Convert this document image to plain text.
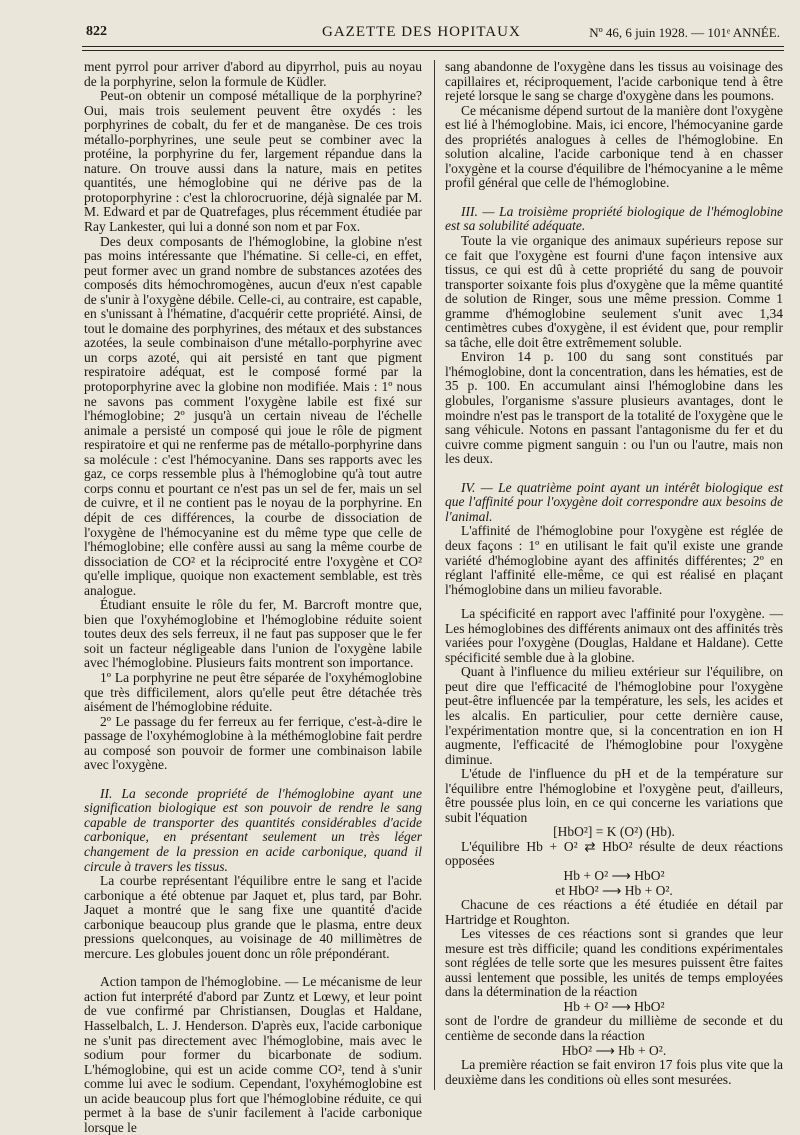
822	GAZETTE DES HOPITAUX	Nº 46, 6 juin 1928. — 101ᵉ ANNÉE.

ment pyrrol pour arriver d'abord au dipyrrhol, puis au noyau de la porphyrine, selon la formule de Küdler.

Peut-on obtenir un composé métallique de la porphyrine? Oui, mais trois seulement peuvent être oxydés : les porphyrines de cobalt, du fer et de manganèse. De ces trois métallo-porphyrines, une seule peut se combiner avec la protéine, la porphyrine du fer, largement répandue dans la nature. On trouve aussi dans la nature, mais en petites quantités, une hémoglobine qui ne dérive pas de la protoporphyrine : c'est la chlorocruorine, déjà signalée par M. M. Edward et par de Quatrefages, plus récemment étudiée par Ray Lankester, qui lui a donné son nom et par Fox.

Des deux composants de l'hémoglobine, la globine n'est pas moins intéressante que l'hématine. Si celle-ci, en effet, peut former avec un grand nombre de substances azotées des composés dits hémochromogènes, aucun d'eux n'est capable de s'unir à l'oxygène débile. Celle-ci, au contraire, est capable, en s'unissant à l'hématine, d'acquérir cette propriété. Ainsi, de tout le domaine des porphyrines, des métaux et des substances azotées, la seule combinaison d'une métallo-porphyrine avec un corps azoté, qui ait persisté en tant que pigment respiratoire adéquat, est le composé formé par la protoporphyrine avec la globine non modifiée. Mais : 1º nous ne savons pas comment l'oxygène labile est fixé sur l'hémoglobine; 2º jusqu'à un certain niveau de l'échelle animale a persisté un composé qui joue le rôle de pigment respiratoire et qui ne renferme pas de métallo-porphyrine dans sa molécule : c'est l'hémocyanine. Dans ses rapports avec les gaz, ce corps ressemble plus à l'hémoglobine qu'à tout autre corps connu et pourtant ce n'est pas un sel de fer, mais un sel de cuivre, et il ne contient pas le noyau de la porphyrine. En dépit de ces différences, la courbe de dissociation de l'oxygène de l'hémocyanine est du même type que celle de l'hémoglobine; elle confère aussi au sang la même courbe de dissociation de CO² et la réciprocité entre l'oxygène et CO² qu'elle implique, quoique non exactement semblable, est très analogue.

Étudiant ensuite le rôle du fer, M. Barcroft montre que, bien que l'oxyhémoglobine et l'hémoglobine réduite soient toutes deux des sels ferreux, il ne faut pas supposer que le fer soit un facteur négligeable dans l'union de l'oxygène labile avec l'hémoglobine. Plusieurs faits montrent son importance.

1º La porphyrine ne peut être séparée de l'oxyhémoglobine que très difficilement, alors qu'elle peut être détachée très aisément de l'hémoglobine réduite.

2º Le passage du fer ferreux au fer ferrique, c'est-à-dire le passage de l'oxyhémoglobine à la méthémoglobine fait perdre au composé son pouvoir de former une combinaison labile avec l'oxygène.

II. La seconde propriété de l'hémoglobine ayant une signification biologique est son pouvoir de rendre le sang capable de transporter des quantités considérables d'acide carbonique, en présentant seulement un très léger changement de la pression en acide carbonique, quand il circule à travers les tissus.

La courbe représentant l'équilibre entre le sang et l'acide carbonique a été obtenue par Jaquet et, plus tard, par Bohr. Jaquet a montré que le sang fixe une quantité d'acide carbonique beaucoup plus grande que le plasma, entre deux pressions quelconques, au voisinage de 40 millimètres de mercure. Les globules jouent donc un rôle prépondérant.

Action tampon de l'hémoglobine. — Le mécanisme de leur action fut interprété d'abord par Zuntz et Lœwy, et leur point de vue confirmé par Christiansen, Douglas et Haldane, Hasselbalch, L. J. Henderson. D'après eux, l'acide carbonique ne s'unit pas directement avec l'hémoglobine, mais avec le sodium pour former du bicarbonate de sodium. L'hémoglobine, qui est un acide comme CO², tend à s'unir comme lui avec le sodium. Cependant, l'oxyhémoglobine est un acide beaucoup plus fort que l'hémoglobine réduite, ce qui permet à la base de s'unir facilement à l'acide carbonique lorsque le

sang abandonne de l'oxygène dans les tissus au voisinage des capillaires et, réciproquement, l'acide carbonique tend à être rejeté lorsque le sang se charge d'oxygène dans les poumons.

Ce mécanisme dépend surtout de la manière dont l'oxygène est lié à l'hémoglobine. Mais, ici encore, l'hémocyanine garde des propriétés analogues à celles de l'hémoglobine. En solution alcaline, l'acide carbonique tend à en chasser l'oxygène et la course d'équilibre de l'hémocyanine a le même profil général que celle de l'hémoglobine.

III. — La troisième propriété biologique de l'hémoglobine est sa solubilité adéquate.

Toute la vie organique des animaux supérieurs repose sur ce fait que l'oxygène est fourni d'une façon intensive aux tissus, ce qui est dû à cette propriété du sang de pouvoir transporter soixante fois plus d'oxygène que la même quantité de solution de Ringer, sous une même pression. Comme 1 gramme d'hémoglobine seulement s'unit avec 1,34 centimètres cubes d'oxygène, il est évident que, pour remplir sa tâche, elle doit être extrêmement soluble.

Environ 14 p. 100 du sang sont constitués par l'hémoglobine, dont la concentration, dans les hématies, est de 35 p. 100. En accumulant ainsi l'hémoglobine dans les globules, l'organisme s'assure plusieurs avantages, dont le moindre n'est pas le transport de la totalité de l'oxygène que le sang véhicule. Notons en passant l'antagonisme du fer et du cuivre comme pigment sanguin : ou l'un ou l'autre, mais non les deux.

IV. — Le quatrième point ayant un intérêt biologique est que l'affinité pour l'oxygène doit correspondre aux besoins de l'animal.

L'affinité de l'hémoglobine pour l'oxygène est réglée de deux façons : 1º en utilisant le fait qu'il existe une grande variété d'hémoglobine ayant des affinités différentes; 2º en réglant l'affinité elle-même, ce qui est réalisé en plaçant l'hémoglobine dans un milieu favorable.

La spécificité en rapport avec l'affinité pour l'oxygène. — Les hémoglobines des différents animaux ont des affinités très variées pour l'oxygène (Douglas, Haldane et Haldane). Cette spécificité semble due à la globine.

Quant à l'influence du milieu extérieur sur l'équilibre, on peut dire que l'efficacité de l'hémoglobine pour l'oxygène peut-être influencée par la température, les sels, les acides et les alcalis. En particulier, pour cette dernière cause, l'expérimentation montre que, si la concentration en ion H augmente, l'efficacité de l'hémoglobine pour l'oxygène diminue.

L'étude de l'influence du pH et de la température sur l'équilibre entre l'hémoglobine et l'oxygène peut, d'ailleurs, être poussée plus loin, en ce qui concerne les variations que subit l'équation

[HbO²] = K (O²) (Hb).

L'équilibre Hb + O² ⇄ HbO² résulte de deux réactions opposées

Hb + O² ⟶ HbO²

et HbO² ⟶ Hb + O².

Chacune de ces réactions a été étudiée en détail par Hartridge et Roughton.

Les vitesses de ces réactions sont si grandes que leur mesure est très difficile; quand les conditions expérimentales sont réglées de telle sorte que les mesures puissent être faites aussi lentement que possible, les unités de temps employées dans la détermination de la réaction

Hb + O² ⟶ HbO²

sont de l'ordre de grandeur du millième de seconde et du centième de seconde dans la réaction

HbO² ⟶ Hb + O².

La première réaction se fait environ 17 fois plus vite que la deuxième dans les conditions où elles sont mesurées.
